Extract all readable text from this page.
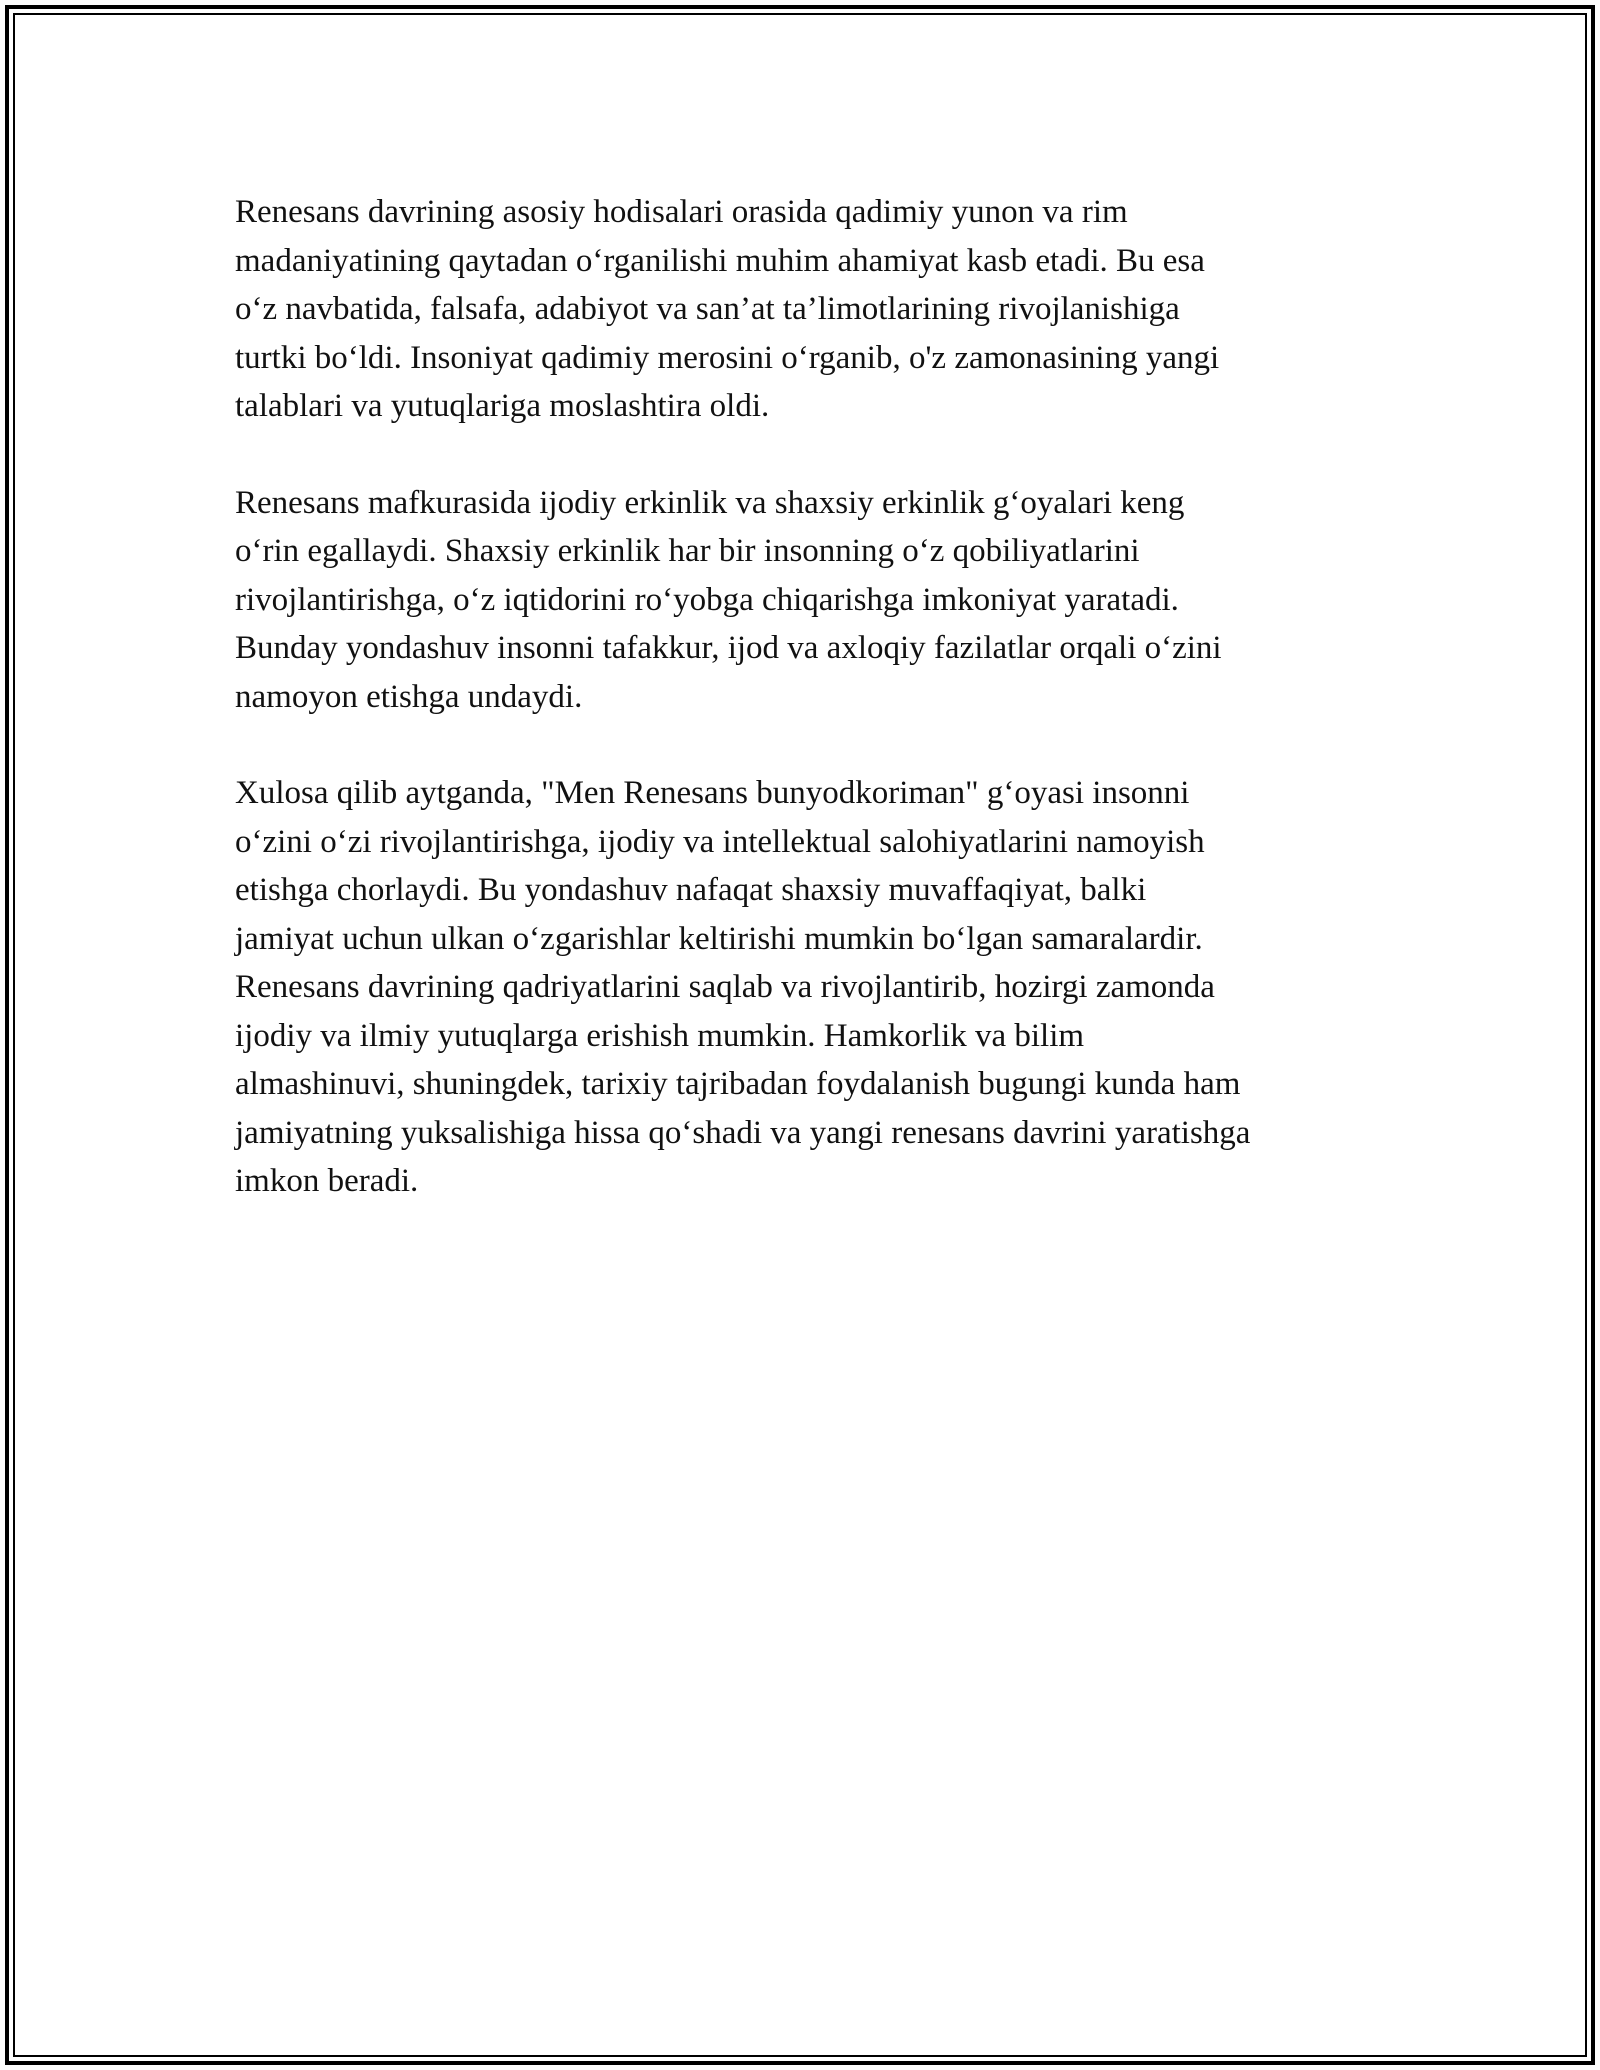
Renesans davrining asosiy hodisalari orasida qadimiy yunon va rim
madaniyatining qaytadan o‘rganilishi muhim ahamiyat kasb etadi. Bu esa
o‘z navbatida, falsafa, adabiyot va san’at ta’limotlarining rivojlanishiga
turtki bo‘ldi. Insoniyat qadimiy merosini o‘rganib, o'z zamonasining yangi
talablari va yutuqlariga moslashtira oldi.

Renesans mafkurasida ijodiy erkinlik va shaxsiy erkinlik g‘oyalari keng
o‘rin egallaydi. Shaxsiy erkinlik har bir insonning o‘z qobiliyatlarini
rivojlantirishga, o‘z iqtidorini ro‘yobga chiqarishga imkoniyat yaratadi.
Bunday yondashuv insonni tafakkur, ijod va axloqiy fazilatlar orqali o‘zini
namoyon etishga undaydi.

Xulosa qilib aytganda, "Men Renesans bunyodkoriman" g‘oyasi insonni
o‘zini o‘zi rivojlantirishga, ijodiy va intellektual salohiyatlarini namoyish
etishga chorlaydi. Bu yondashuv nafaqat shaxsiy muvaffaqiyat, balki
jamiyat uchun ulkan o‘zgarishlar keltirishi mumkin bo‘lgan samaralardir.
Renesans davrining qadriyatlarini saqlab va rivojlantirib, hozirgi zamonda
ijodiy va ilmiy yutuqlarga erishish mumkin. Hamkorlik va bilim
almashinuvi, shuningdek, tarixiy tajribadan foydalanish bugungi kunda ham
jamiyatning yuksalishiga hissa qo‘shadi va yangi renesans davrini yaratishga
imkon beradi.
